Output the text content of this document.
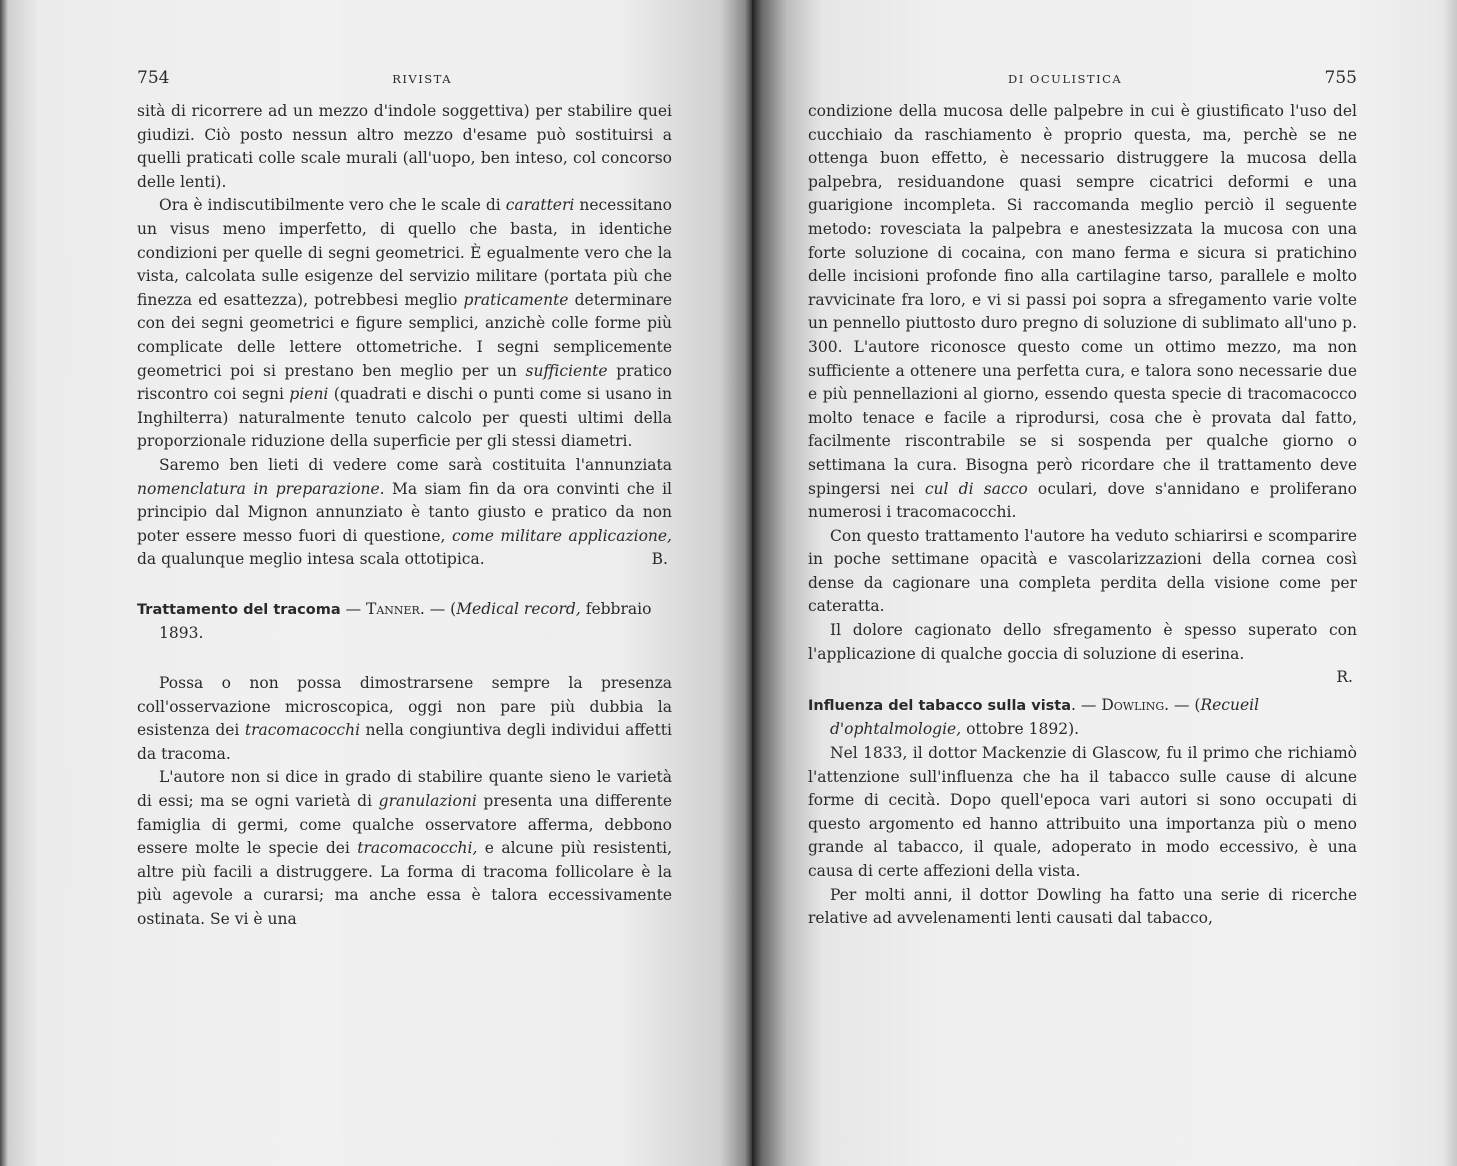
754	RIVISTA

sità di ricorrere ad un mezzo d'indole soggettiva) per stabilire quei giudizi. Ciò posto nessun altro mezzo d'esame può sostituirsi a quelli praticati colle scale murali (all'uopo, ben inteso, col concorso delle lenti).

Ora è indiscutibilmente vero che le scale di caratteri necessitano un visus meno imperfetto, di quello che basta, in identiche condizioni per quelle di segni geometrici. È egualmente vero che la vista, calcolata sulle esigenze del servizio militare (portata più che finezza ed esattezza), potrebbesi meglio praticamente determinare con dei segni geometrici e figure semplici, anzichè colle forme più complicate delle lettere ottometriche. I segni semplicemente geometrici poi si prestano ben meglio per un sufficiente pratico riscontro coi segni pieni (quadrati e dischi o punti come si usano in Inghilterra) naturalmente tenuto calcolo per questi ultimi della proporzionale riduzione della superficie per gli stessi diametri.

Saremo ben lieti di vedere come sarà costituita l'annunziata nomenclatura in preparazione. Ma siam fin da ora convinti che il principio dal Mignon annunziato è tanto giusto e pratico da non poter essere messo fuori di questione, come militare applicazione, da qualunque meglio intesa scala ottotipica.	B.
Trattamento del tracoma — Tanner. — (Medical record, febbraio 1893.

Possa o non possa dimostrarsene sempre la presenza coll'osservazione microscopica, oggi non pare più dubbia la esistenza dei tracomacocchi nella congiuntiva degli individui affetti da tracoma.

L'autore non si dice in grado di stabilire quante sieno le varietà di essi; ma se ogni varietà di granulazioni presenta una differente famiglia di germi, come qualche osservatore afferma, debbono essere molte le specie dei tracomacocchi, e alcune più resistenti, altre più facili a distruggere. La forma di tracoma follicolare è la più agevole a curarsi; ma anche essa è talora eccessivamente ostinata. Se vi è una

DI OCULISTICA	755

condizione della mucosa delle palpebre in cui è giustificato l'uso del cucchiaio da raschiamento è proprio questa, ma, perchè se ne ottenga buon effetto, è necessario distruggere la mucosa della palpebra, residuandone quasi sempre cicatrici deformi e una guarigione incompleta. Si raccomanda meglio perciò il seguente metodo: rovesciata la palpebra e anestesizzata la mucosa con una forte soluzione di cocaina, con mano ferma e sicura si pratichino delle incisioni profonde fino alla cartilagine tarso, parallele e molto ravvicinate fra loro, e vi si passi poi sopra a sfregamento varie volte un pennello piuttosto duro pregno di soluzione di sublimato all'uno p. 300. L'autore riconosce questo come un ottimo mezzo, ma non sufficiente a ottenere una perfetta cura, e talora sono necessarie due e più pennellazioni al giorno, essendo questa specie di tracomacocco molto tenace e facile a riprodursi, cosa che è provata dal fatto, facilmente riscontrabile se si sospenda per qualche giorno o settimana la cura. Bisogna però ricordare che il trattamento deve spingersi nei cul di sacco oculari, dove s'annidano e proliferano numerosi i tracomacocchi.

Con questo trattamento l'autore ha veduto schiarirsi e scomparire in poche settimane opacità e vascolarizzazioni della cornea così dense da cagionare una completa perdita della visione come per cateratta.

Il dolore cagionato dello sfregamento è spesso superato con l'applicazione di qualche goccia di soluzione di eserina.

R.
Influenza del tabacco sulla vista. — Dowling. — (Recueil d'ophtalmologie, ottobre 1892).

Nel 1833, il dottor Mackenzie di Glascow, fu il primo che richiamò l'attenzione sull'influenza che ha il tabacco sulle cause di alcune forme di cecità. Dopo quell'epoca vari autori si sono occupati di questo argomento ed hanno attribuito una importanza più o meno grande al tabacco, il quale, adoperato in modo eccessivo, è una causa di certe affezioni della vista.

Per molti anni, il dottor Dowling ha fatto una serie di ricerche relative ad avvelenamenti lenti causati dal tabacco,
